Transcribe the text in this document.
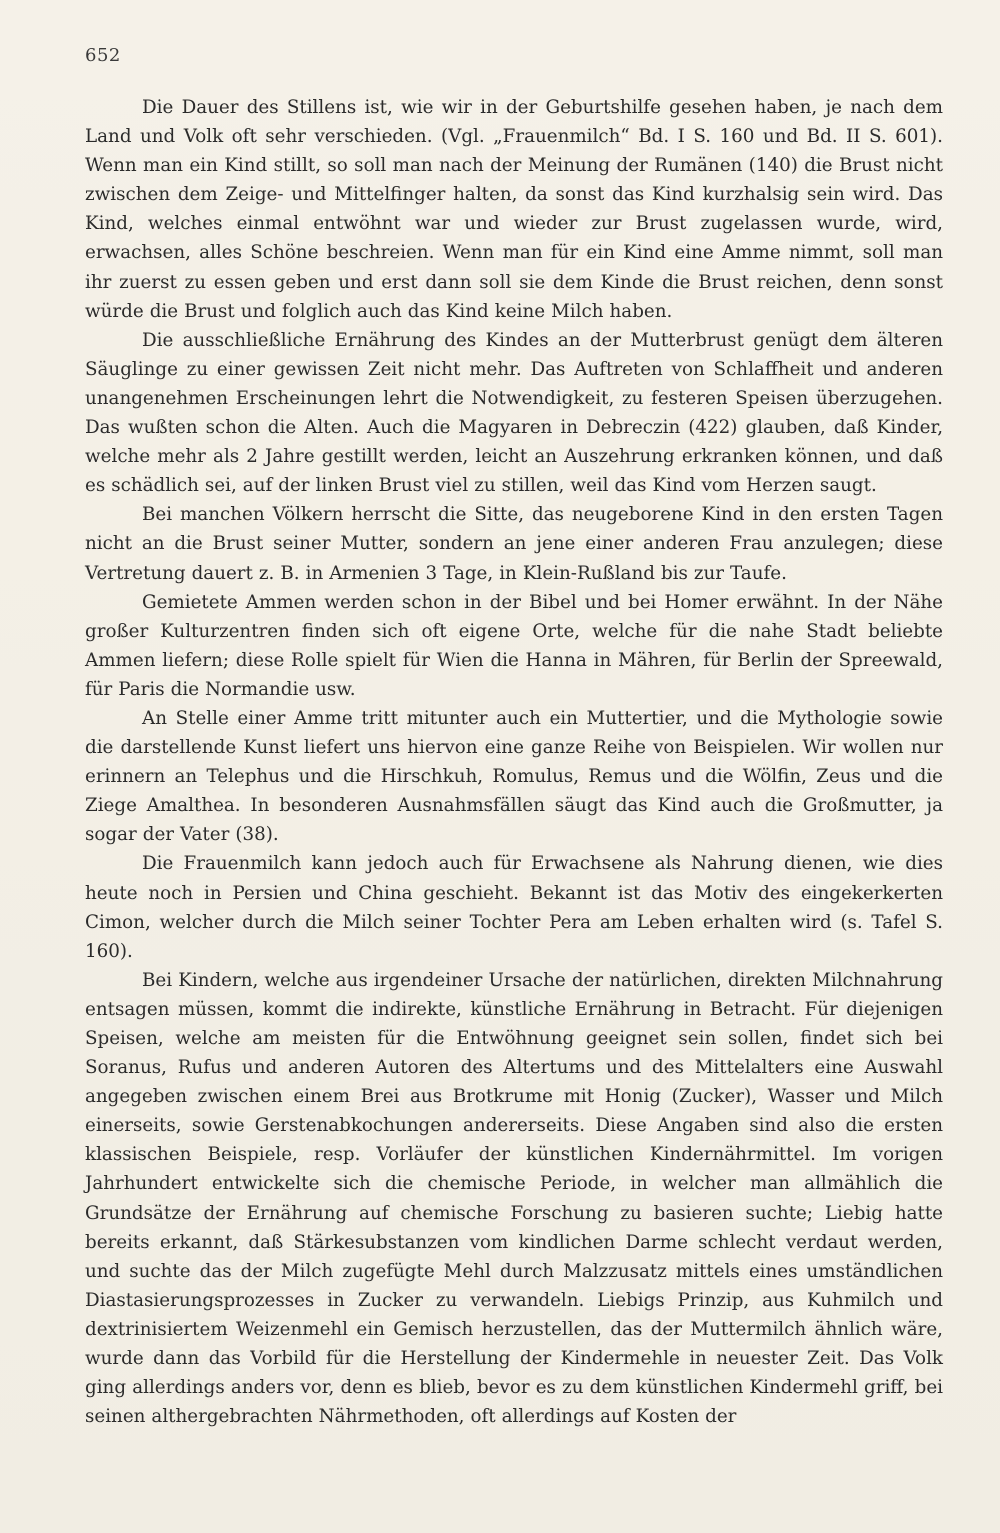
652

Die Dauer des Stillens ist, wie wir in der Geburtshilfe gesehen haben, je nach dem Land und Volk oft sehr verschieden. (Vgl. „Frauenmilch“ Bd. I S. 160 und Bd. II S. 601). Wenn man ein Kind stillt, so soll man nach der Meinung der Rumänen (140) die Brust nicht zwischen dem Zeige- und Mittelfinger halten, da sonst das Kind kurzhalsig sein wird. Das Kind, welches einmal entwöhnt war und wieder zur Brust zugelassen wurde, wird, erwachsen, alles Schöne beschreien. Wenn man für ein Kind eine Amme nimmt, soll man ihr zuerst zu essen geben und erst dann soll sie dem Kinde die Brust reichen, denn sonst würde die Brust und folglich auch das Kind keine Milch haben.

Die ausschließliche Ernährung des Kindes an der Mutterbrust genügt dem älteren Säuglinge zu einer gewissen Zeit nicht mehr. Das Auftreten von Schlaffheit und anderen unangenehmen Erscheinungen lehrt die Notwendigkeit, zu festeren Speisen überzugehen. Das wußten schon die Alten. Auch die Magyaren in Debreczin (422) glauben, daß Kinder, welche mehr als 2 Jahre gestillt werden, leicht an Auszehrung erkranken können, und daß es schädlich sei, auf der linken Brust viel zu stillen, weil das Kind vom Herzen saugt.

Bei manchen Völkern herrscht die Sitte, das neugeborene Kind in den ersten Tagen nicht an die Brust seiner Mutter, sondern an jene einer anderen Frau anzulegen; diese Vertretung dauert z. B. in Armenien 3 Tage, in Klein-Rußland bis zur Taufe.

Gemietete Ammen werden schon in der Bibel und bei Homer erwähnt. In der Nähe großer Kulturzentren finden sich oft eigene Orte, welche für die nahe Stadt beliebte Ammen liefern; diese Rolle spielt für Wien die Hanna in Mähren, für Berlin der Spreewald, für Paris die Normandie usw.

An Stelle einer Amme tritt mitunter auch ein Muttertier, und die Mythologie sowie die darstellende Kunst liefert uns hiervon eine ganze Reihe von Beispielen. Wir wollen nur erinnern an Telephus und die Hirschkuh, Romulus, Remus und die Wölfin, Zeus und die Ziege Amalthea. In besonderen Ausnahmsfällen säugt das Kind auch die Großmutter, ja sogar der Vater (38).

Die Frauenmilch kann jedoch auch für Erwachsene als Nahrung dienen, wie dies heute noch in Persien und China geschieht. Bekannt ist das Motiv des eingekerkerten Cimon, welcher durch die Milch seiner Tochter Pera am Leben erhalten wird (s. Tafel S. 160).

Bei Kindern, welche aus irgendeiner Ursache der natürlichen, direkten Milchnahrung entsagen müssen, kommt die indirekte, künstliche Ernährung in Betracht. Für diejenigen Speisen, welche am meisten für die Entwöhnung geeignet sein sollen, findet sich bei Soranus, Rufus und anderen Autoren des Altertums und des Mittelalters eine Auswahl angegeben zwischen einem Brei aus Brotkrume mit Honig (Zucker), Wasser und Milch einerseits, sowie Gerstenabkochungen andererseits. Diese Angaben sind also die ersten klassischen Beispiele, resp. Vorläufer der künstlichen Kindernährmittel. Im vorigen Jahrhundert entwickelte sich die chemische Periode, in welcher man allmählich die Grundsätze der Ernährung auf chemische Forschung zu basieren suchte; Liebig hatte bereits erkannt, daß Stärkesubstanzen vom kindlichen Darme schlecht verdaut werden, und suchte das der Milch zugefügte Mehl durch Malzzusatz mittels eines umständlichen Diastasierungsprozesses in Zucker zu verwandeln. Liebigs Prinzip, aus Kuhmilch und dextrinisiertem Weizenmehl ein Gemisch herzustellen, das der Muttermilch ähnlich wäre, wurde dann das Vorbild für die Herstellung der Kindermehle in neuester Zeit. Das Volk ging allerdings anders vor, denn es blieb, bevor es zu dem künstlichen Kindermehl griff, bei seinen althergebrachten Nährmethoden, oft allerdings auf Kosten der
